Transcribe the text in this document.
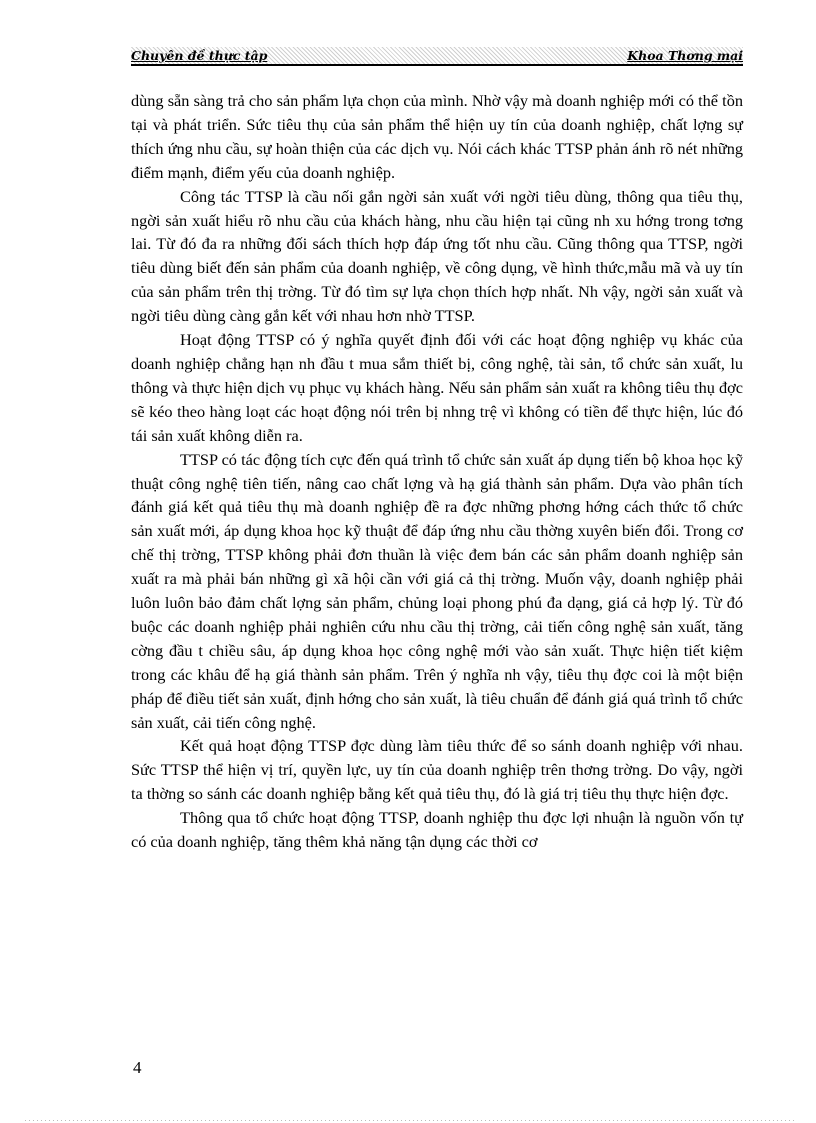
Chuyên đề thực tập	Khoa Thơng mại

dùng sẵn sàng trả cho sản phẩm lựa chọn của mình. Nhờ vậy mà doanh nghiệp mới có thể tồn tại và phát triển. Sức tiêu thụ của sản phẩm thể hiện uy tín của doanh nghiệp, chất lợng sự thích ứng nhu cầu, sự hoàn thiện của các dịch vụ. Nói cách khác TTSP phản ánh rõ nét những điểm mạnh, điểm yếu của doanh nghiệp.

Công tác TTSP là cầu nối gắn ngời sản xuất với ngời tiêu dùng, thông qua tiêu thụ, ngời sản xuất hiểu rõ nhu cầu của khách hàng, nhu cầu hiện tại cũng nh xu hớng trong tơng lai. Từ đó đa ra những đối sách thích hợp đáp ứng tốt nhu cầu. Cũng thông qua TTSP, ngời tiêu dùng biết đến sản phẩm của doanh nghiệp, về công dụng, về hình thức,mẫu mã và uy tín của sản phẩm trên thị trờng. Từ đó tìm sự lựa chọn thích hợp nhất. Nh vậy, ngời sản xuất và ngời tiêu dùng càng gắn kết với nhau hơn nhờ TTSP.

Hoạt động TTSP có ý nghĩa quyết định đối với các hoạt động nghiệp vụ khác của doanh nghiệp chẳng hạn nh đầu t mua sắm thiết bị, công nghệ, tài sản, tổ chức sản xuất, lu thông và thực hiện dịch vụ phục vụ khách hàng. Nếu sản phẩm sản xuất ra không tiêu thụ đợc sẽ kéo theo hàng loạt các hoạt động nói trên bị nhng trệ vì không có tiền để thực hiện, lúc đó tái sản xuất không diễn ra.

TTSP có tác động tích cực đến quá trình tổ chức sản xuất áp dụng tiến bộ khoa học kỹ thuật công nghệ tiên tiến, nâng cao chất lợng và hạ giá thành sản phẩm. Dựa vào phân tích đánh giá kết quả tiêu thụ mà doanh nghiệp đề ra đợc những phơng hớng cách thức tổ chức sản xuất mới, áp dụng khoa học kỹ thuật để đáp ứng nhu cầu thờng xuyên biến đổi. Trong cơ chế thị trờng, TTSP không phải đơn thuần là việc đem bán các sản phẩm doanh nghiệp sản xuất ra mà phải bán những gì xã hội cần với giá cả thị trờng. Muốn vậy, doanh nghiệp phải luôn luôn bảo đảm chất lợng sản phẩm, chủng loại phong phú đa dạng, giá cả hợp lý. Từ đó buộc các doanh nghiệp phải nghiên cứu nhu cầu thị trờng, cải tiến công nghệ sản xuất, tăng cờng đầu t chiều sâu, áp dụng khoa học công nghệ mới vào sản xuất. Thực hiện tiết kiệm trong các khâu để hạ giá thành sản phẩm. Trên ý nghĩa nh vậy, tiêu thụ đợc coi là một biện pháp để điều tiết sản xuất, định hớng cho sản xuất, là tiêu chuẩn để đánh giá quá trình tổ chức sản xuất, cải tiến công nghệ.

Kết quả hoạt động TTSP đợc dùng làm tiêu thức để so sánh doanh nghiệp với nhau. Sức TTSP thể hiện vị trí, quyền lực, uy tín của doanh nghiệp trên thơng trờng. Do vậy, ngời ta thờng so sánh các doanh nghiệp bằng kết quả tiêu thụ, đó là giá trị tiêu thụ thực hiện đợc.

Thông qua tổ chức hoạt động TTSP, doanh nghiệp thu đợc lợi nhuận là nguồn vốn tự có của doanh nghiệp, tăng thêm khả năng tận dụng các thời cơ

4
